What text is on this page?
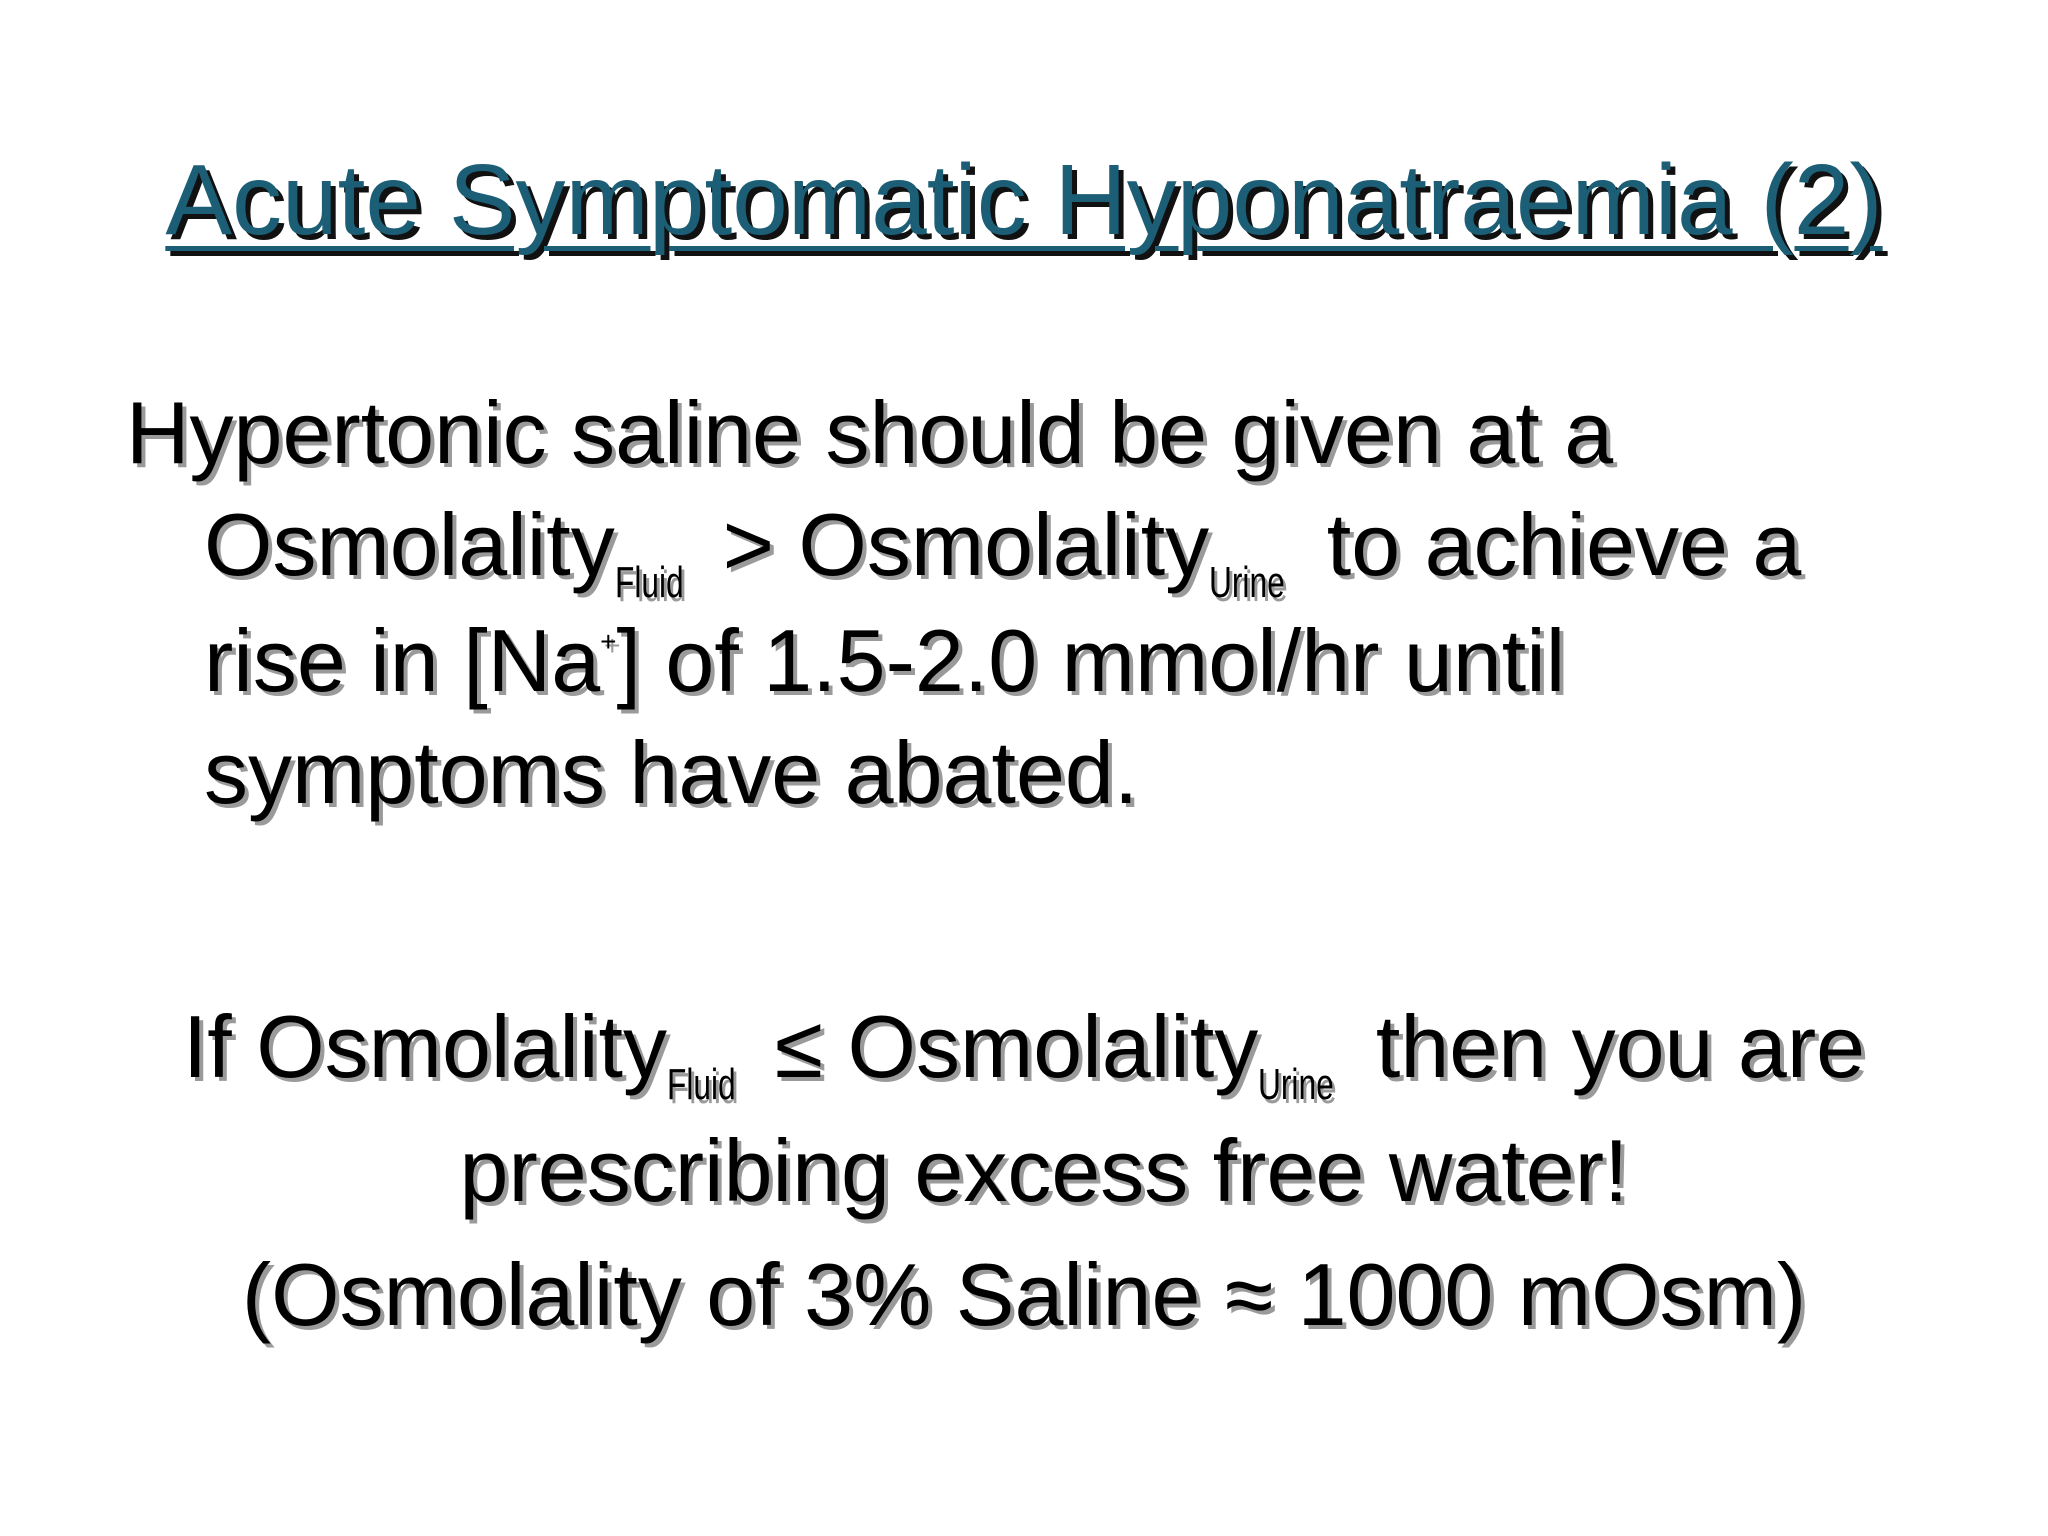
Acute Symptomatic Hyponatraemia (2)
Hypertonic saline should be given at a
OsmolalityFluid > OsmolalityUrine to achieve a
rise in [Na+] of 1.5-2.0 mmol/hr until
symptoms have abated.
If OsmolalityFluid ≤ OsmolalityUrine then you are
prescribing excess free water!
(Osmolality of 3% Saline ≈ 1000 mOsm)
